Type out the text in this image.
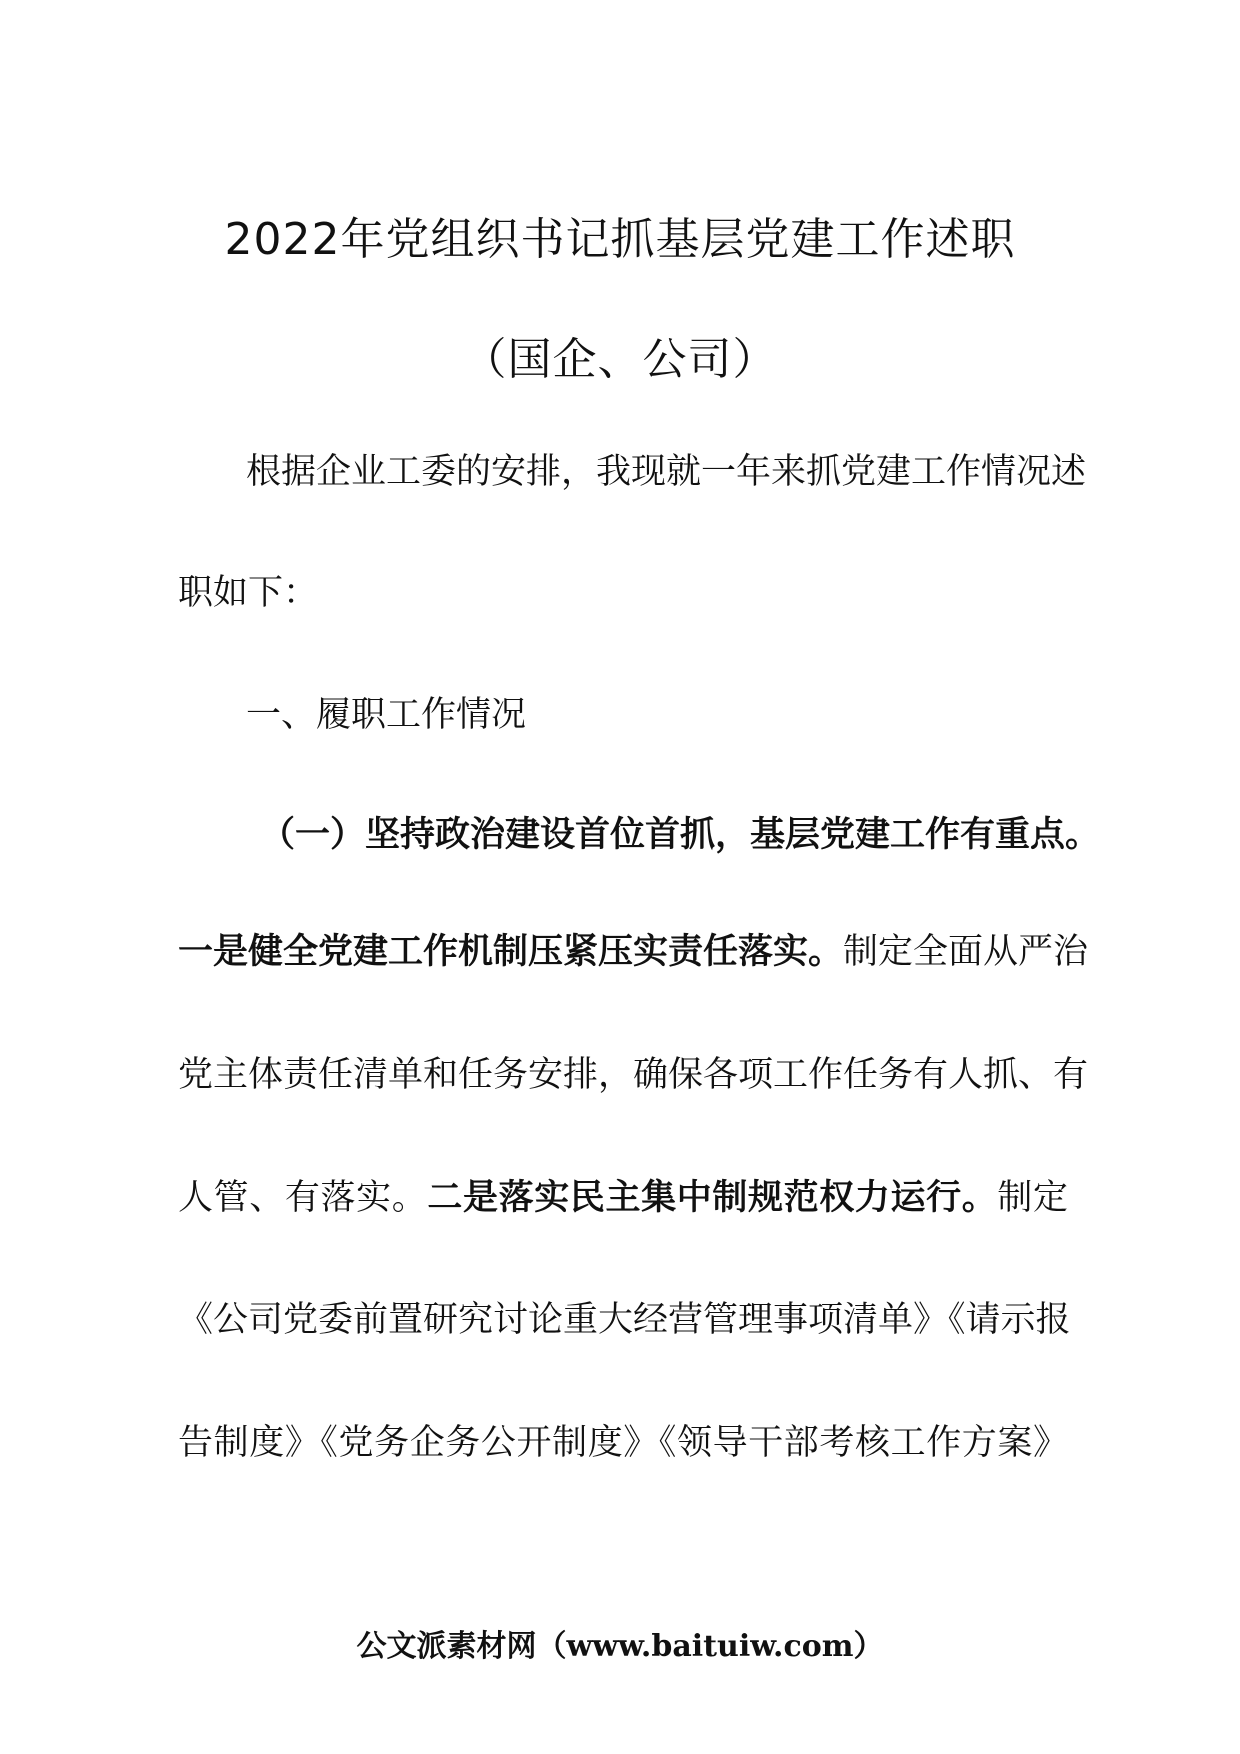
2022年党组织书记抓基层党建工作述职
（国企、公司）
根据企业工委的安排，我现就一年来抓党建工作情况述
职如下：
一、履职工作情况
（一）坚持政治建设首位首抓，基层党建工作有重点。
一是健全党建工作机制压紧压实责任落实。制定全面从严治
党主体责任清单和任务安排，确保各项工作任务有人抓、有
人管、有落实。二是落实民主集中制规范权力运行。制定
《公司党委前置研究讨论重大经营管理事项清单》《请示报
告制度》《党务企务公开制度》《领导干部考核工作方案》
公文派素材网（www.baituiw.com）
